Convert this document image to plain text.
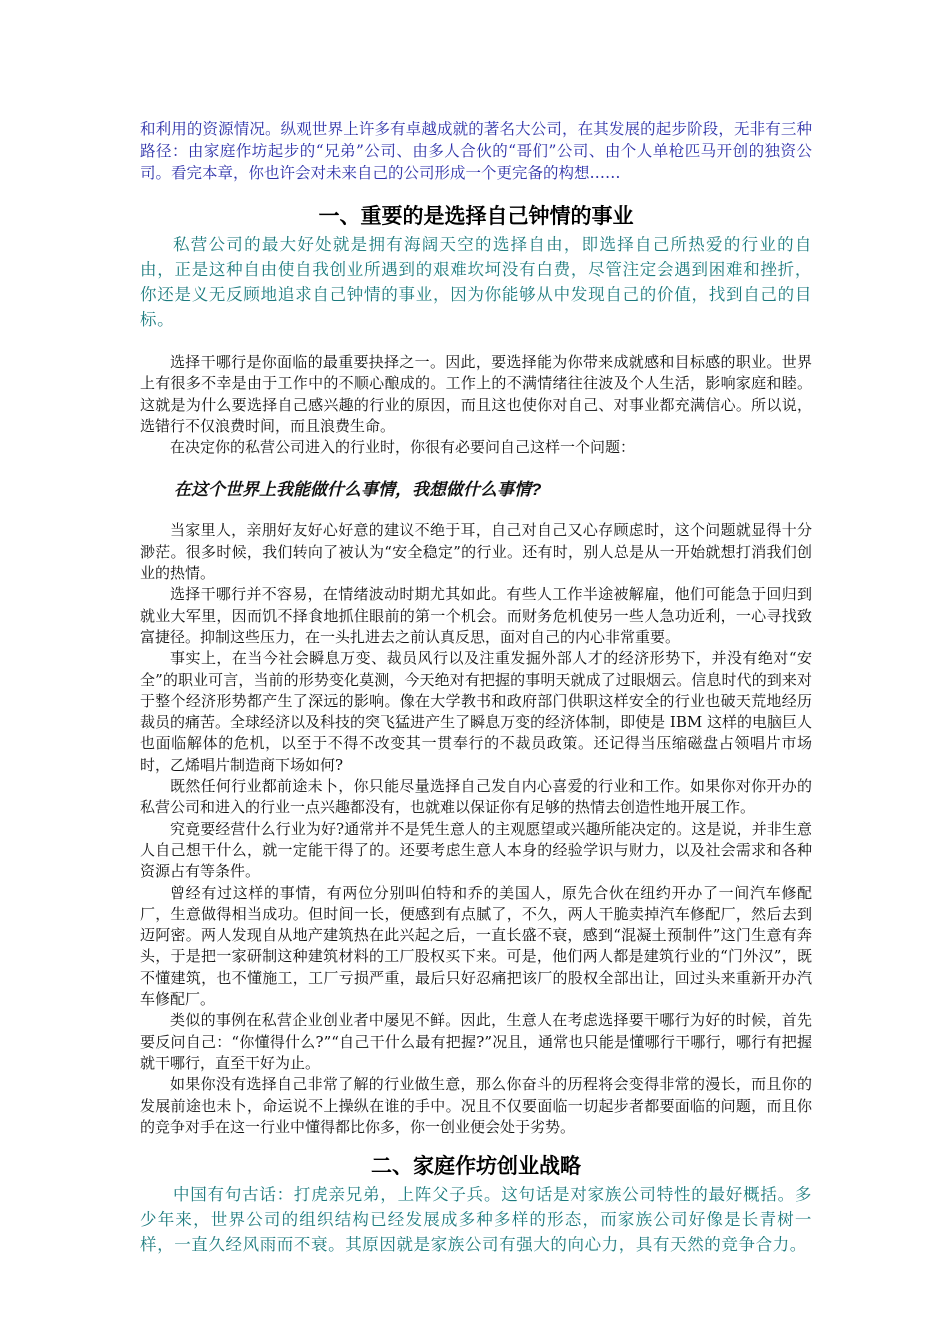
和利用的资源情况。纵观世界上许多有卓越成就的著名大公司，在其发展的起步阶段，无非有三种路径：由家庭作坊起步的“兄弟”公司、由多人合伙的“哥们”公司、由个人单枪匹马开创的独资公司。看完本章，你也许会对未来自己的公司形成一个更完备的构想……

一、重要的是选择自己钟情的事业

私营公司的最大好处就是拥有海阔天空的选择自由，即选择自己所热爱的行业的自由，正是这种自由使自我创业所遇到的艰难坎坷没有白费，尽管注定会遇到困难和挫折，你还是义无反顾地追求自己钟情的事业，因为你能够从中发现自己的价值，找到自己的目标。

选择干哪行是你面临的最重要抉择之一。因此，要选择能为你带来成就感和目标感的职业。世界上有很多不幸是由于工作中的不顺心酿成的。工作上的不满情绪往往波及个人生活，影响家庭和睦。这就是为什么要选择自己感兴趣的行业的原因，而且这也使你对自己、对事业都充满信心。所以说，选错行不仅浪费时间，而且浪费生命。

在决定你的私营公司进入的行业时，你很有必要问自己这样一个问题：

在这个世界上我能做什么事情，我想做什么事情?

当家里人，亲朋好友好心好意的建议不绝于耳，自己对自己又心存顾虑时，这个问题就显得十分渺茫。很多时候，我们转向了被认为“安全稳定”的行业。还有时，别人总是从一开始就想打消我们创业的热情。

选择干哪行并不容易，在情绪波动时期尤其如此。有些人工作半途被解雇，他们可能急于回归到就业大军里，因而饥不择食地抓住眼前的第一个机会。而财务危机使另一些人急功近利，一心寻找致富捷径。抑制这些压力，在一头扎进去之前认真反思，面对自己的内心非常重要。

事实上，在当今社会瞬息万变、裁员风行以及注重发掘外部人才的经济形势下，并没有绝对“安全”的职业可言，当前的形势变化莫测，今天绝对有把握的事明天就成了过眼烟云。信息时代的到来对于整个经济形势都产生了深远的影响。像在大学教书和政府部门供职这样安全的行业也破天荒地经历裁员的痛苦。全球经济以及科技的突飞猛进产生了瞬息万变的经济体制，即使是 IBM 这样的电脑巨人也面临解体的危机，以至于不得不改变其一贯奉行的不裁员政策。还记得当压缩磁盘占领唱片市场时，乙烯唱片制造商下场如何?

既然任何行业都前途未卜，你只能尽量选择自己发自内心喜爱的行业和工作。如果你对你开办的私营公司和进入的行业一点兴趣都没有，也就难以保证你有足够的热情去创造性地开展工作。

究竟要经营什么行业为好?通常并不是凭生意人的主观愿望或兴趣所能决定的。这是说，并非生意人自己想干什么，就一定能干得了的。还要考虑生意人本身的经验学识与财力，以及社会需求和各种资源占有等条件。

曾经有过这样的事情，有两位分别叫伯特和乔的美国人，原先合伙在纽约开办了一间汽车修配厂，生意做得相当成功。但时间一长，便感到有点腻了，不久，两人干脆卖掉汽车修配厂，然后去到迈阿密。两人发现自从地产建筑热在此兴起之后，一直长盛不衰，感到“混凝土预制件”这门生意有奔头，于是把一家研制这种建筑材料的工厂股权买下来。可是，他们两人都是建筑行业的“门外汉”，既不懂建筑，也不懂施工，工厂亏损严重，最后只好忍痛把该厂的股权全部出让，回过头来重新开办汽车修配厂。

类似的事例在私营企业创业者中屡见不鲜。因此，生意人在考虑选择要干哪行为好的时候，首先要反问自己：“你懂得什么?”“自己干什么最有把握?”况且，通常也只能是懂哪行干哪行，哪行有把握就干哪行，直至干好为止。

如果你没有选择自己非常了解的行业做生意，那么你奋斗的历程将会变得非常的漫长，而且你的发展前途也未卜，命运说不上操纵在谁的手中。况且不仅要面临一切起步者都要面临的问题，而且你的竞争对手在这一行业中懂得都比你多，你一创业便会处于劣势。

二、家庭作坊创业战略

中国有句古话：打虎亲兄弟，上阵父子兵。这句话是对家族公司特性的最好概括。多少年来，世界公司的组织结构已经发展成多种多样的形态，而家族公司好像是长青树一样，一直久经风雨而不衰。其原因就是家族公司有强大的向心力，具有天然的竞争合力。
